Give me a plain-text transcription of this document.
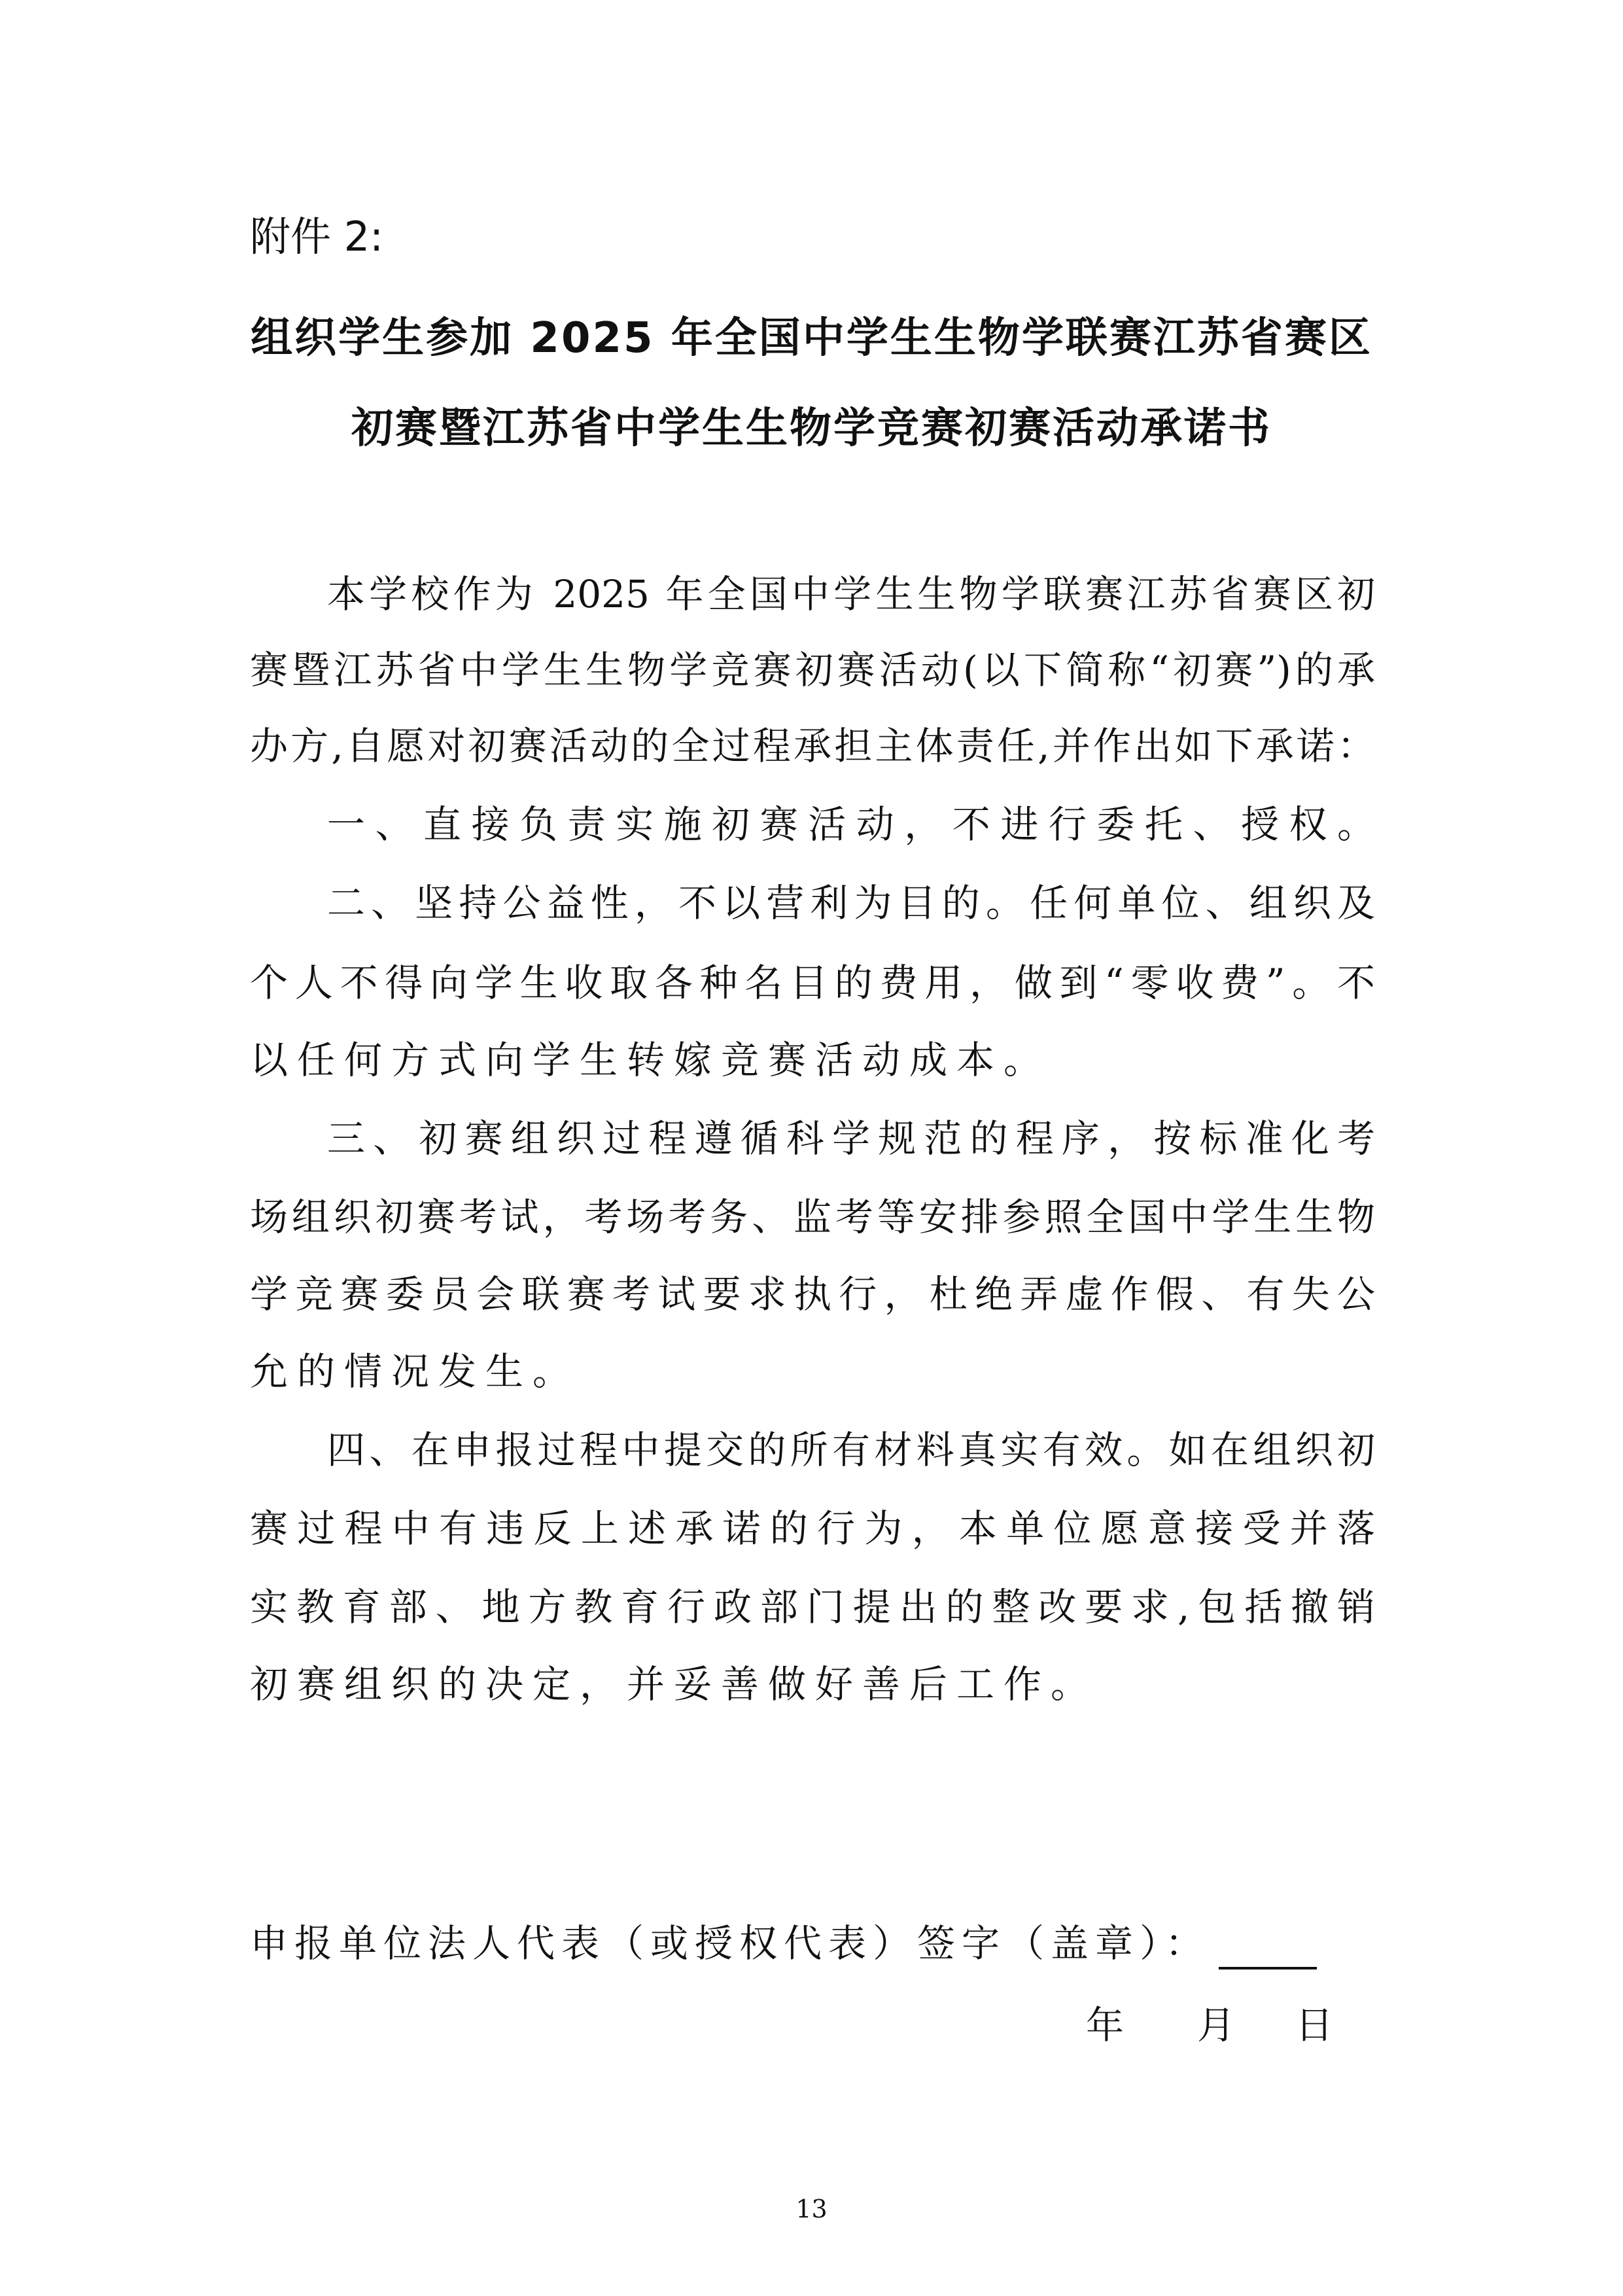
附件 2:
组织学生参加 2025 年全国中学生生物学联赛江苏省赛区
初赛暨江苏省中学生生物学竞赛初赛活动承诺书
本学校作为 2025 年全国中学生生物学联赛江苏省赛区初
赛暨江苏省中学生生物学竞赛初赛活动(以下简称“初赛”)的承
办方,自愿对初赛活动的全过程承担主体责任,并作出如下承诺：
一、直接负责实施初赛活动，不进行委托、授权。
二、坚持公益性，不以营利为目的。任何单位、组织及
个人不得向学生收取各种名目的费用，做到“零收费”。不
以任何方式向学生转嫁竞赛活动成本。
三、初赛组织过程遵循科学规范的程序，按标准化考
场组织初赛考试，考场考务、监考等安排参照全国中学生生物
学竞赛委员会联赛考试要求执行，杜绝弄虚作假、有失公
允的情况发生。
四、在申报过程中提交的所有材料真实有效。如在组织初
赛过程中有违反上述承诺的行为，本单位愿意接受并落
实教育部、地方教育行政部门提出的整改要求,包括撤销
初赛组织的决定，并妥善做好善后工作。
申报单位法人代表（或授权代表）签字（盖章）：
年 月 日
13
